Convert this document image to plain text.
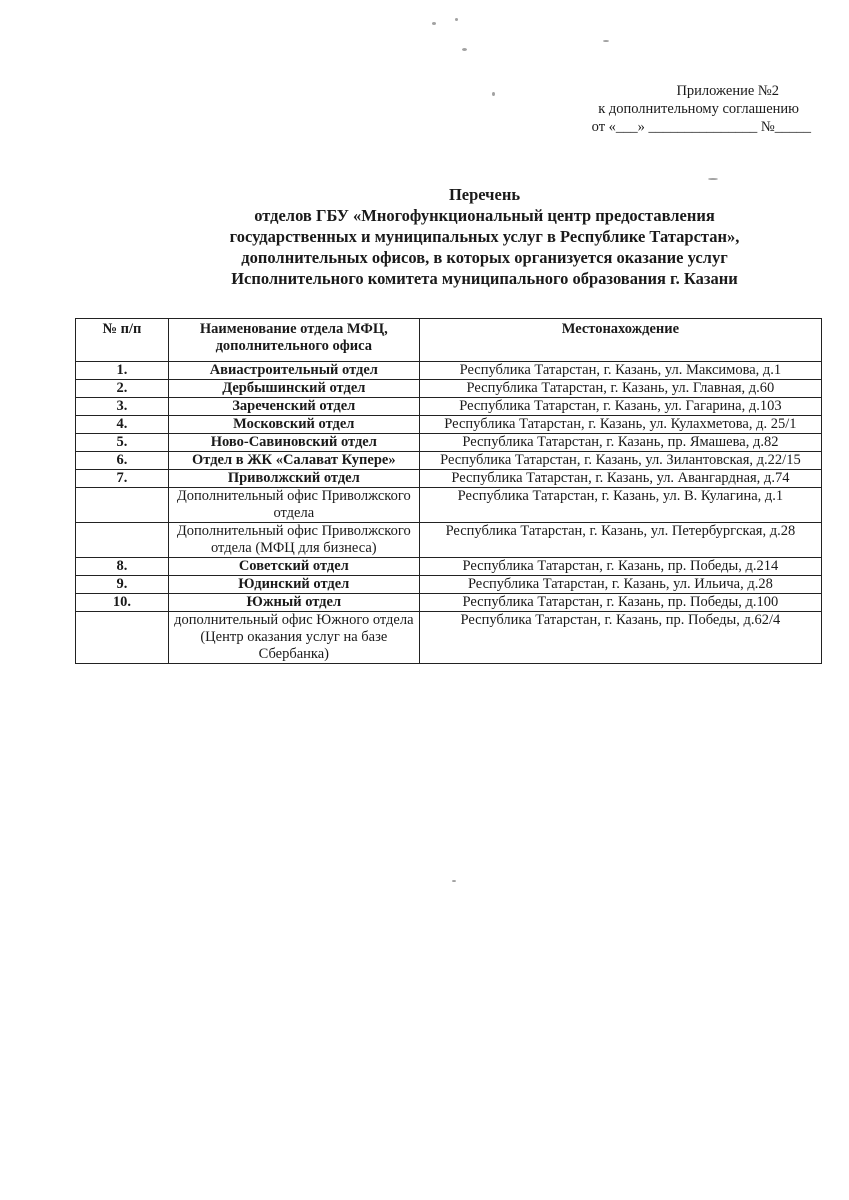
Приложение №2
к дополнительному соглашению
от «___» _______________ №_____
Перечень
отделов ГБУ «Многофункциональный центр предоставления
государственных и муниципальных услуг в Республике Татарстан»,
дополнительных офисов, в которых организуется оказание услуг
Исполнительного комитета муниципального образования г. Казани
№ п/п	Наименование отдела МФЦ, дополнительного офиса	Местонахождение
1.	Авиастроительный отдел	Республика Татарстан, г. Казань, ул. Максимова, д.1
2.	Дербышинский отдел	Республика Татарстан, г. Казань, ул. Главная, д.60
3.	Зареченский отдел	Республика Татарстан, г. Казань, ул. Гагарина, д.103
4.	Московский отдел	Республика Татарстан, г. Казань, ул. Кулахметова, д. 25/1
5.	Ново-Савиновский отдел	Республика Татарстан, г. Казань, пр. Ямашева, д.82
6.	Отдел в ЖК «Салават Купере»	Республика Татарстан, г. Казань, ул. Зилантовская, д.22/15
7.	Приволжский отдел	Республика Татарстан, г. Казань, ул. Авангардная, д.74
	Дополнительный офис Приволжского отдела	Республика Татарстан, г. Казань, ул. В. Кулагина, д.1
	Дополнительный офис Приволжского отдела (МФЦ для бизнеса)	Республика Татарстан, г. Казань, ул. Петербургская, д.28
8.	Советский отдел	Республика Татарстан, г. Казань, пр. Победы, д.214
9.	Юдинский отдел	Республика Татарстан, г. Казань, ул. Ильича, д.28
10.	Южный отдел	Республика Татарстан, г. Казань, пр. Победы, д.100
	дополнительный офис Южного отдела (Центр оказания услуг на базе Сбербанка)	Республика Татарстан, г. Казань, пр. Победы, д.62/4
